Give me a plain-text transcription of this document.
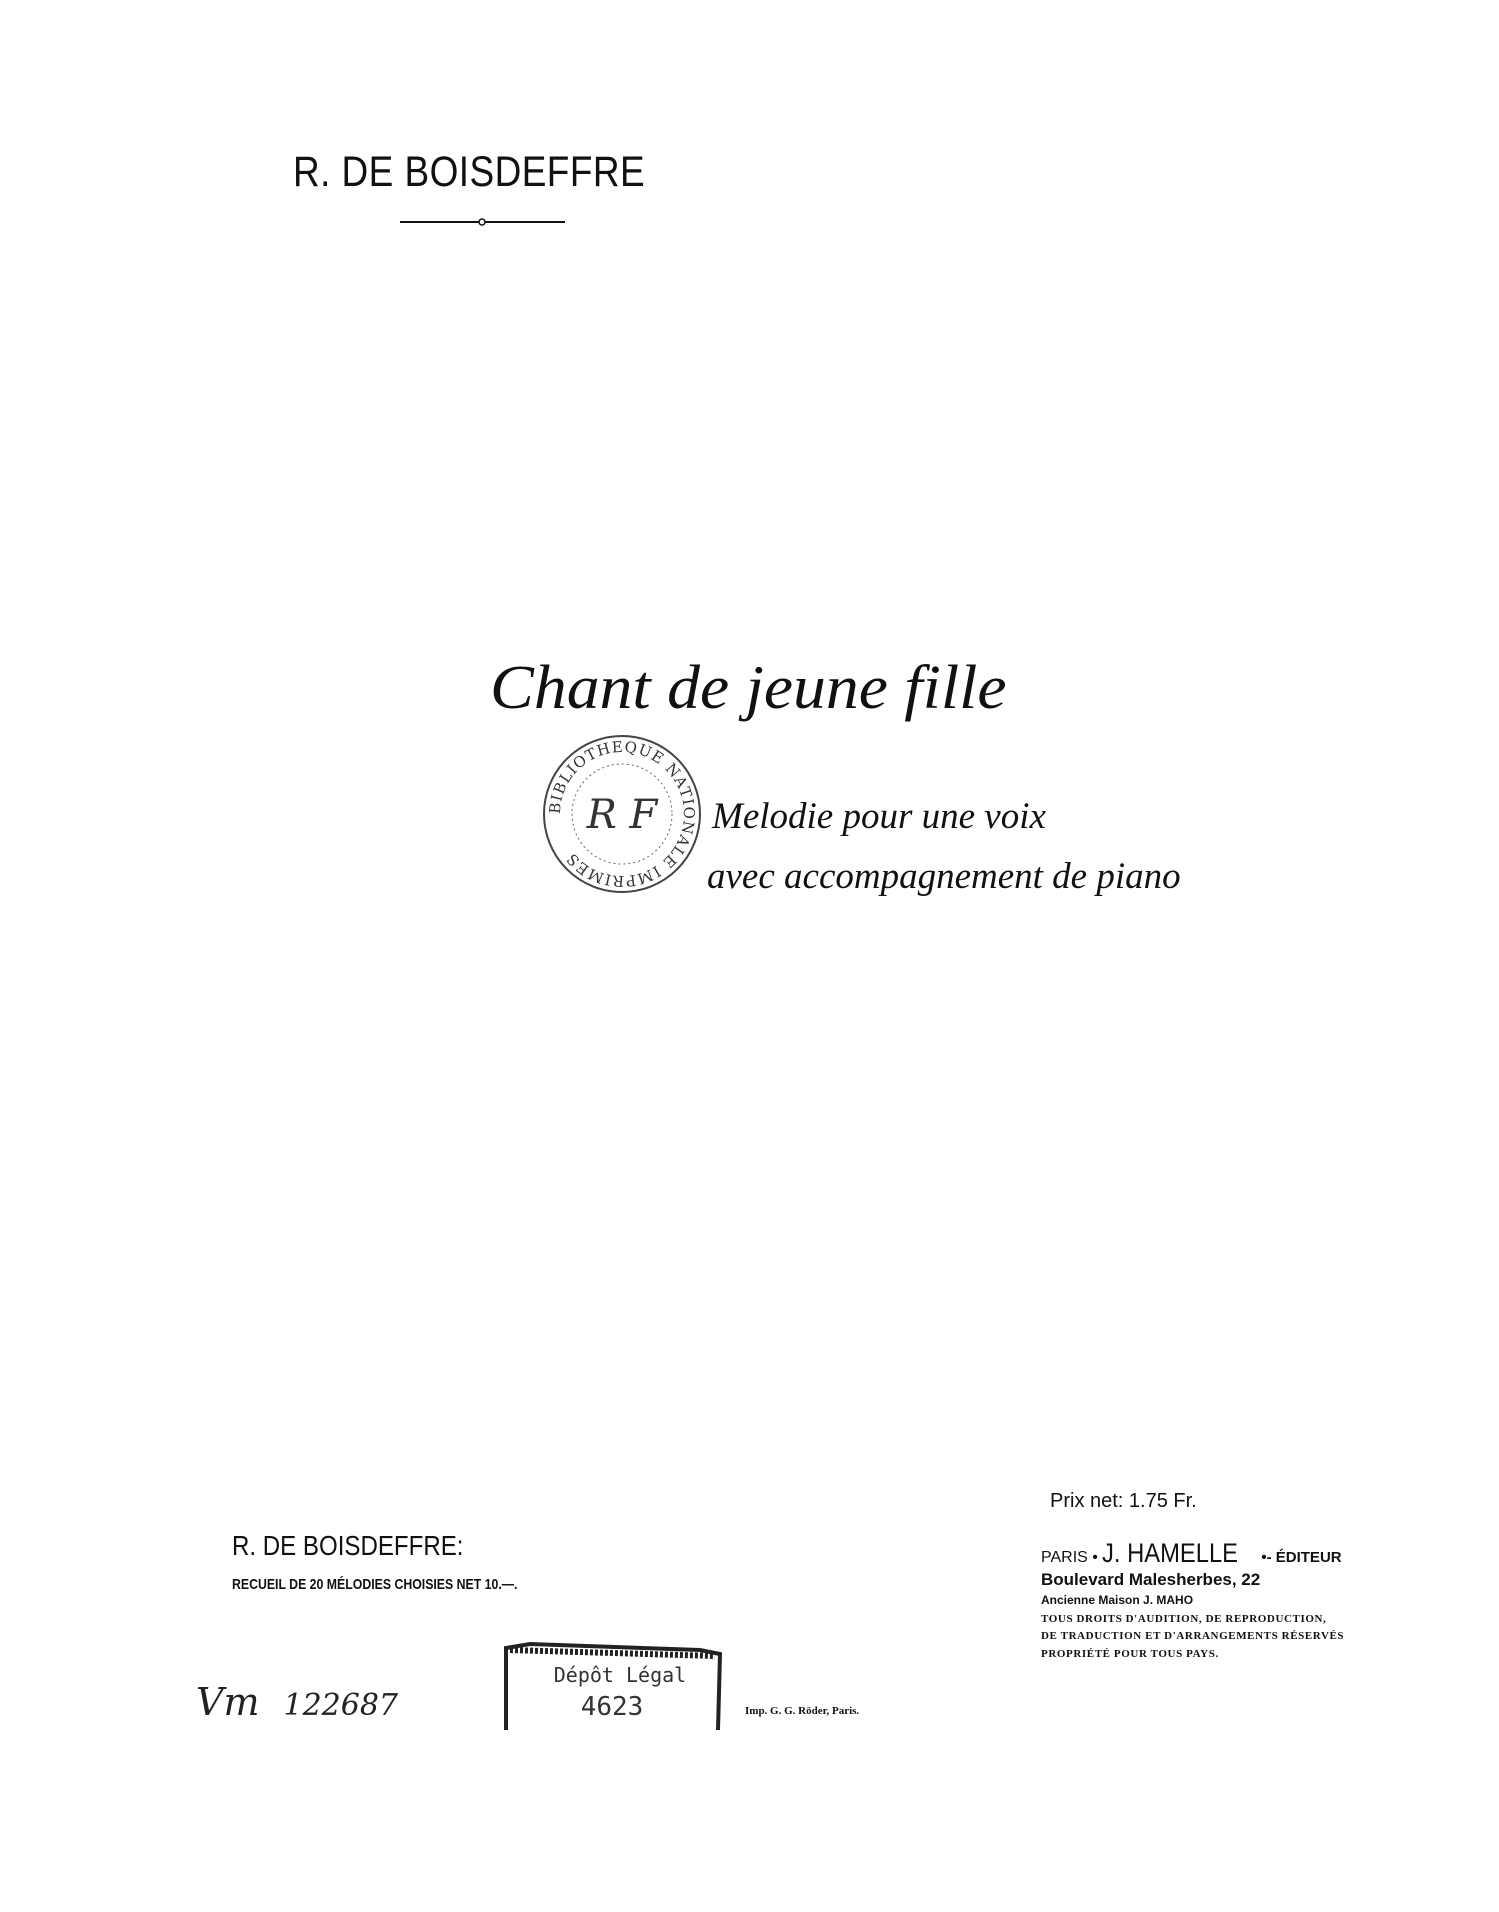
R. DE BOISDEFFRE
Chant de jeune fille
BIBLIOTHEQUE NATIONALE IMPRIMES
R F Melodie pour une voix
avec accompagnement de piano
R. DE BOISDEFFRE:
RECUEIL DE 20 MÉLODIES CHOISIES NET 10.—.
Vm 122687
Dépôt Légal
4623	Imp. G. G. Röder, Paris.
Prix net: 1.75 Fr.
PARIS • J. HAMELLE •- ÉDITEUR
Boulevard Malesherbes, 22
Ancienne Maison J. MAHO
TOUS DROITS D'AUDITION, DE REPRODUCTION,
DE TRADUCTION ET D'ARRANGEMENTS RÉSERVÉS
PROPRIÉTÉ POUR TOUS PAYS.
